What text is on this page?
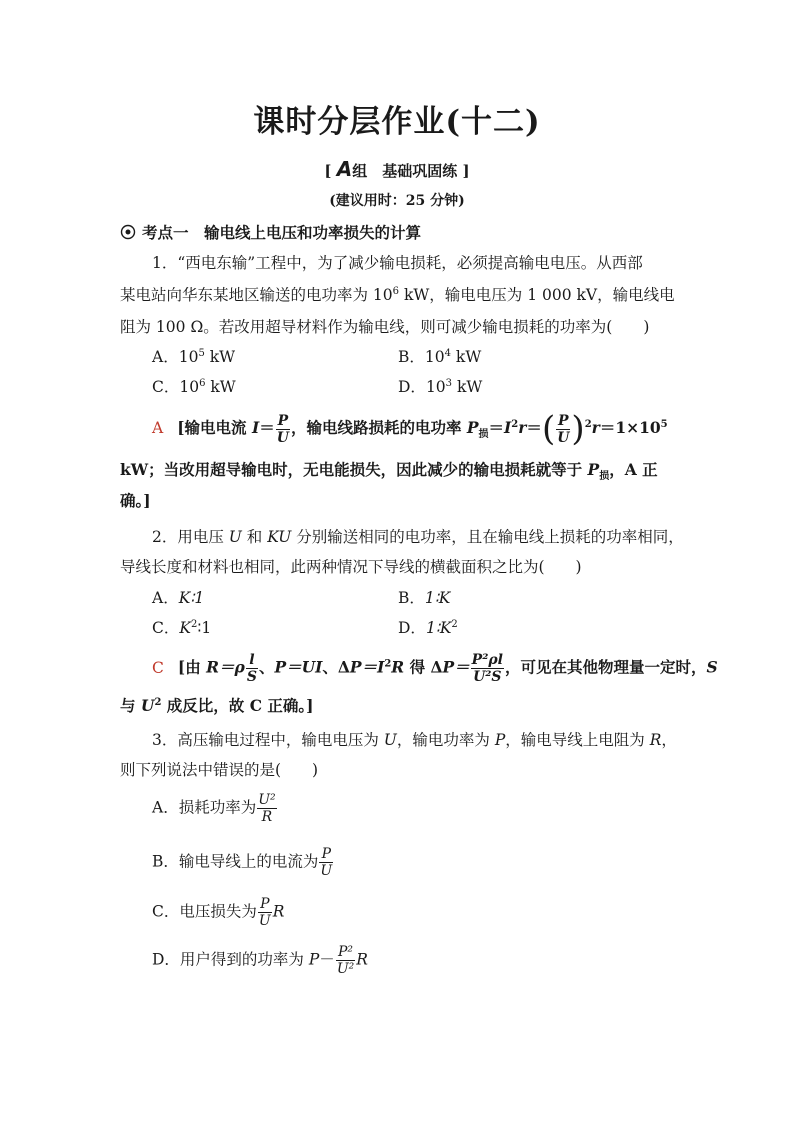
课时分层作业(十二)
[ A组　基础巩固练 ]
(建议用时：25 分钟)
考点一　输电线上电压和功率损失的计算
1．“西电东输”工程中，为了减少输电损耗，必须提高输电电压。从西部
某电站向华东某地区输送的电功率为 $10^6$ kW，输电电压为 1 000 kV，输电线电
阻为 100 Ω。若改用超导材料作为输电线，则可减少输电损耗的功率为(　　)
A．$10^5$ kW	B．$10^4$ kW
C．$10^6$ kW	D．$10^3$ kW
A [输电电流 $I= \frac{P}{U}$ ，输电线路损耗的电功率 $P_损=I^2r=( \frac{P}{U} )^2r=1\times 10^5$
kW；当改用超导输电时，无电能损失，因此减少的输电损耗就等于 $P_损$，A 正
确。]
2．用电压 U 和 KU 分别输送相同的电功率，且在输电线上损耗的功率相同，
导线长度和材料也相同，此两种情况下导线的横截面积之比为(　　)
A．K∶1	B．1∶K
C．$K^2∶1$	D．$1∶K^2$
C [由 $R=\rho \frac{l}{S}$ 、P＝UI、$\Delta P=I^2R$ 得 $\Delta P= \frac{\text{P²ρl}}{\text{U²S}}$ ，可见在其他物理量一定时，S
与 $U^2$ 成反比，故 C 正确。]
3．高压输电过程中，输电电压为 U，输电功率为 P，输电导线上电阻为 R，
则下列说法中错误的是(　　)
A．损耗功率为 $\frac{\text{U²}}{R}$
B．输电导线上的电流为 $\frac{P}{U}$
C．电压损失为 $\frac{P}{U}$ R
D．用户得到的功率为 $P- \frac{\text{P²}}{\text{U²}}$ R
